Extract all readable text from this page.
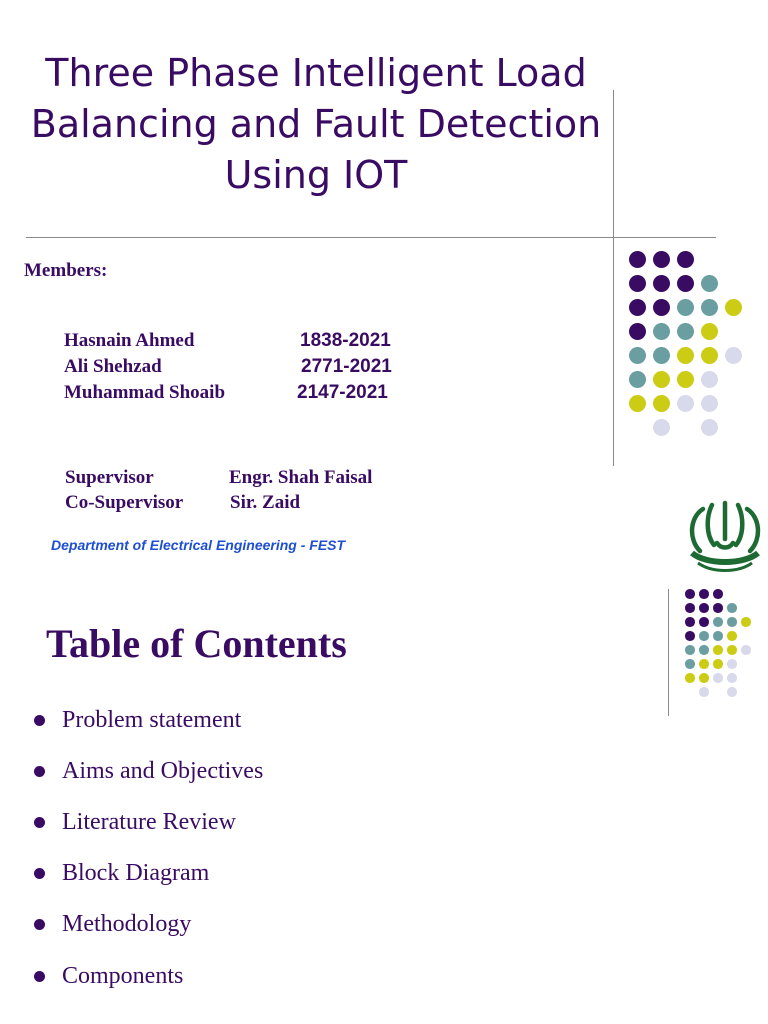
Three Phase Intelligent Load
Balancing and Fault Detection
Using IOT
Members:
Hasnain Ahmed	1838-2021
Ali Shehzad	2771-2021
Muhammad Shoaib	2147-2021
Supervisor	Engr. Shah Faisal
Co-Supervisor Sir. Zaid
Department of Electrical Engineering - FEST
Table of Contents
Problem statement
Aims and Objectives
Literature Review
Block Diagram
Methodology
Components
